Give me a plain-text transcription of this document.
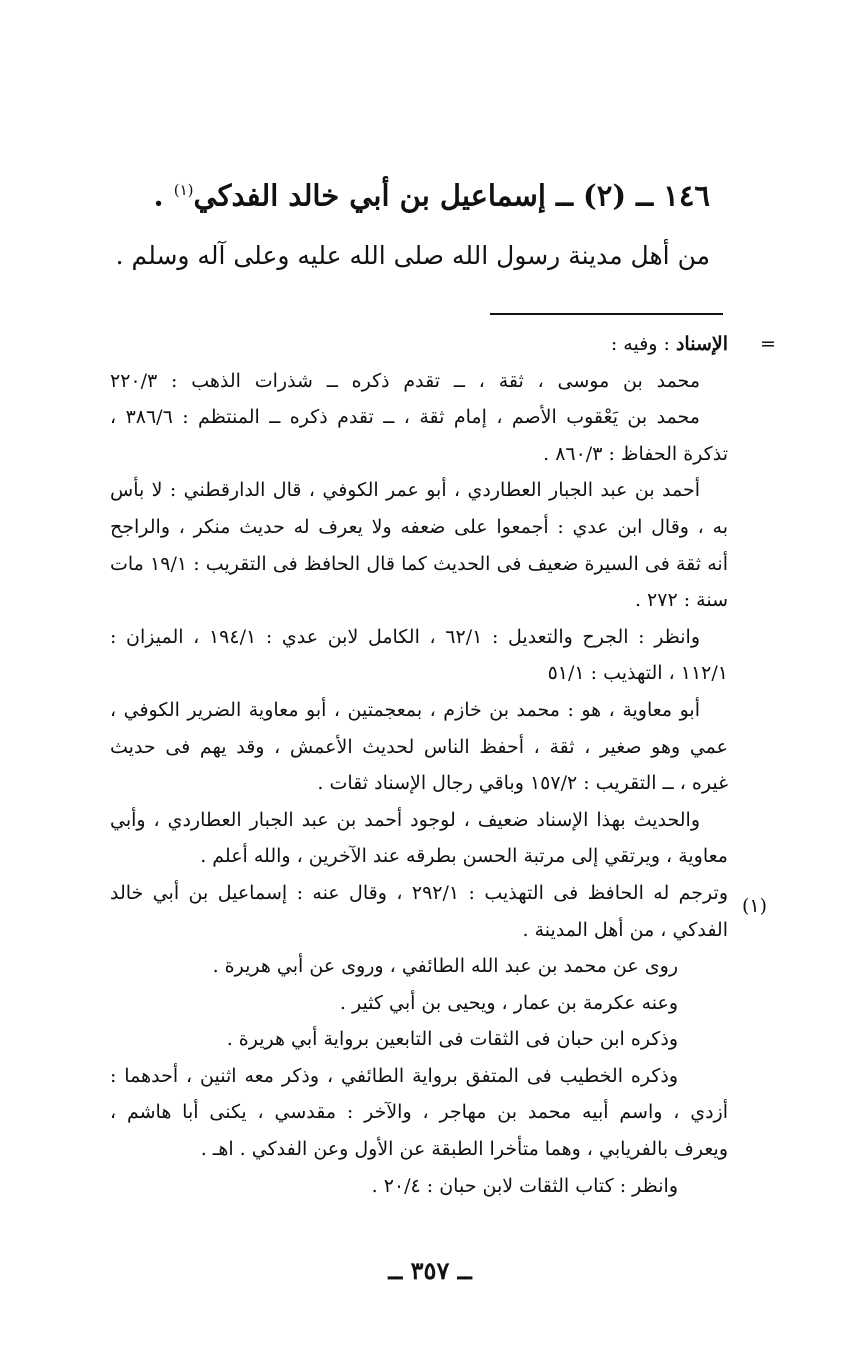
١٤٦ ــ (٢) ــ إسماعيل بن أبي خالد الفدكي$^{(١)}$ .
من أهل مدينة رسول الله صلى الله عليه وعلى آله وسلم .
=
الإسناد : وفيه :
محمد بن موسى ، ثقة ، ــ تقدم ذكره ــ شذرات الذهب : ٢٢٠/٣
محمد بن يَعْقوب الأصم ، إمام ثقة ، ــ تقدم ذكره ــ المنتظم : ٣٨٦/٦ ،
تذكرة الحفاظ : ٨٦٠/٣ .
أحمد بن عبد الجبار العطاردي ، أبو عمر الكوفي ، قال الدارقطني : لا بأس
به ، وقال ابن عدي : أجمعوا على ضعفه ولا يعرف له حديث منكر ، والراجح
أنه ثقة فى السيرة ضعيف فى الحديث كما قال الحافظ فى التقريب : ١٩/١ مات
سنة : ٢٧٢ .
وانظر : الجرح والتعديل : ٦٢/١ ، الكامل لابن عدي : ١٩٤/١ ، الميزان :
١١٢/١ ، التهذيب : ٥١/١
أبو معاوية ، هو : محمد بن خازم ، بمعجمتين ، أبو معاوية الضرير الكوفي ،
عمي وهو صغير ، ثقة ، أحفظ الناس لحديث الأعمش ، وقد يهم فى حديث
غيره ، ــ التقريب : ١٥٧/٢ وباقي رجال الإسناد ثقات .
والحديث بهذا الإسناد ضعيف ، لوجود أحمد بن عبد الجبار العطاردي ، وأبي
معاوية ، ويرتقي إلى مرتبة الحسن بطرقه عند الآخرين ، والله أعلم .
وترجم له الحافظ فى التهذيب : ٢٩٢/١ ، وقال عنه : إسماعيل بن أبي خالد
الفدكي ، من أهل المدينة .
روى عن محمد بن عبد الله الطائفي ، وروى عن أبي هريرة .
وعنه عكرمة بن عمار ، ويحيى بن أبي كثير .
وذكره ابن حبان فى الثقات فى التابعين برواية أبي هريرة .
وذكره الخطيب فى المتفق برواية الطائفي ، وذكر معه اثنين ، أحدهما :
أزدي ، واسم أبيه محمد بن مهاجر ، والآخر : مقدسي ، يكنى أبا هاشم ،
ويعرف بالفريابي ، وهما متأخرا الطبقة عن الأول وعن الفدكي . اهـ .
وانظر : كتاب الثقات لابن حبان : ٢٠/٤ .
(١)
ــ ٣٥٧ ــ
